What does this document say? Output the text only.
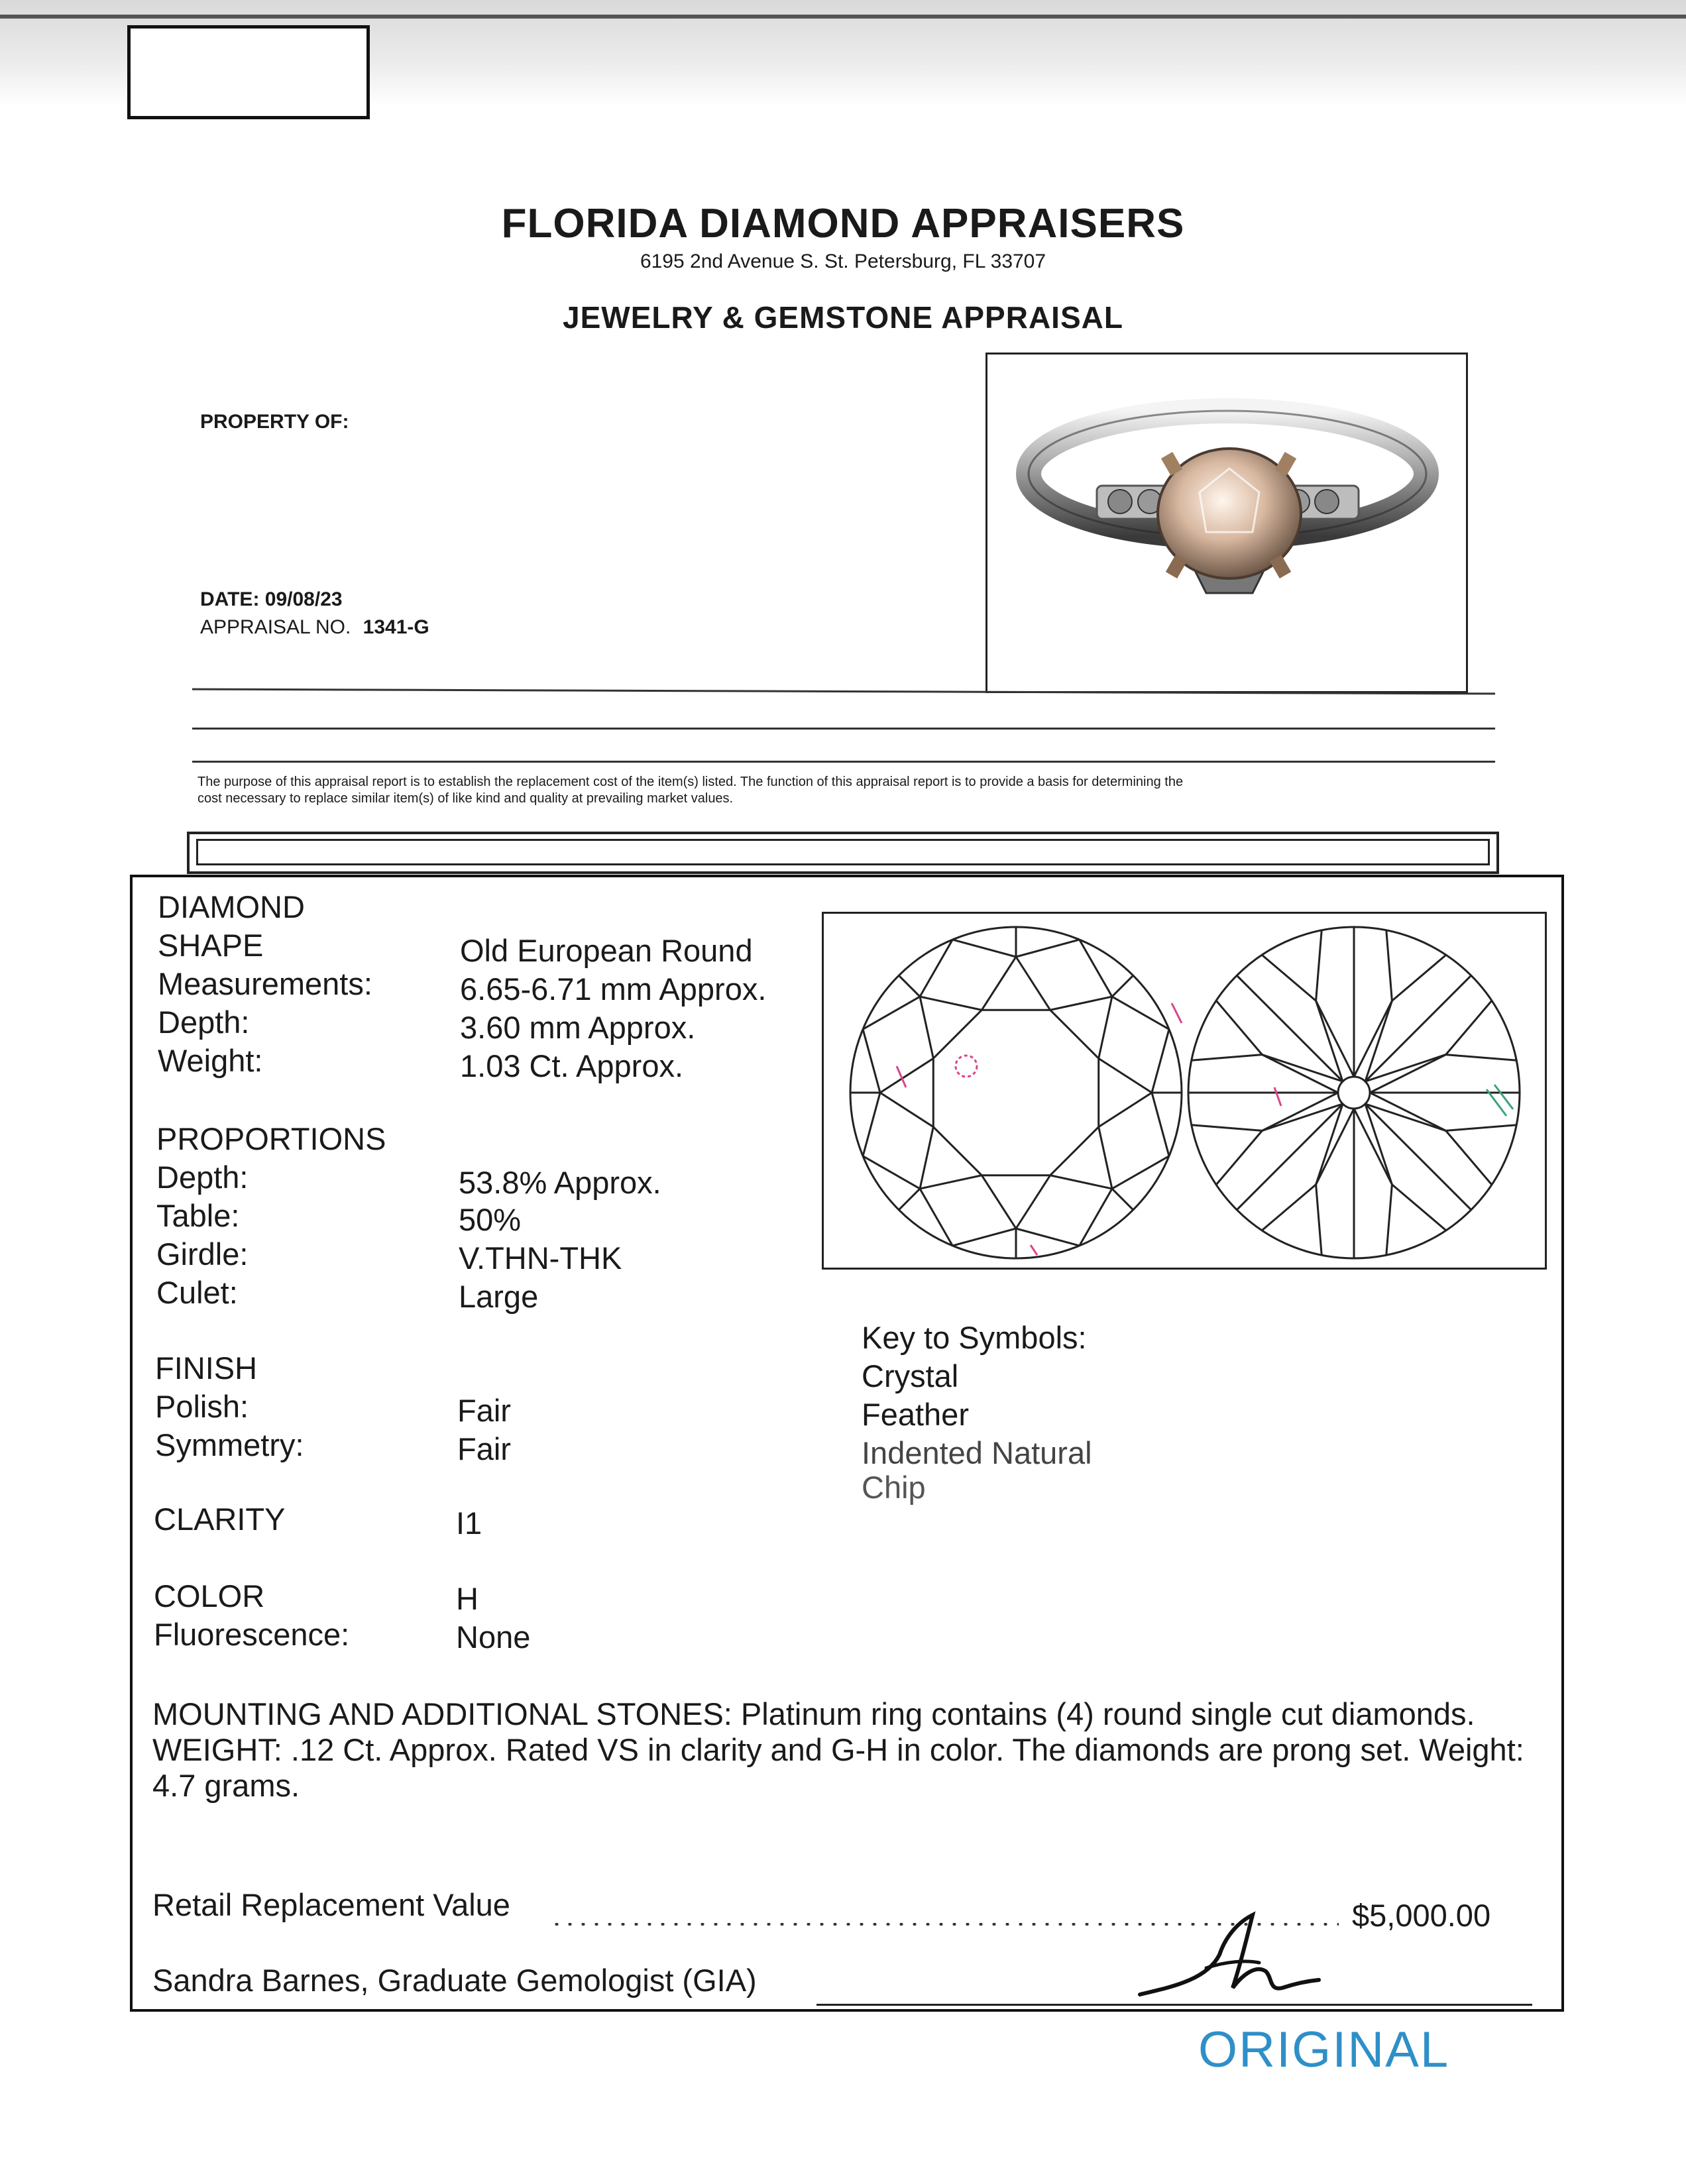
FLORIDA DIAMOND APPRAISERS
6195 2nd Avenue S. St. Petersburg, FL 33707
JEWELRY & GEMSTONE APPRAISAL
PROPERTY OF:
DATE: 09/08/23
APPRAISAL NO. 1341-G
The purpose of this appraisal report is to establish the replacement cost of the item(s) listed. The function of this appraisal report is to provide a basis for determining the
cost necessary to replace similar item(s) of like kind and quality at prevailing market values.
DIAMOND
SHAPE	Old European Round
Measurements:	6.65-6.71 mm Approx.
Depth:	3.60 mm Approx.
Weight:	1.03 Ct. Approx.
PROPORTIONS
Depth:	53.8% Approx.
Table:	50%
Girdle:	V.THN-THK
Culet:	Large
FINISH
Polish:	Fair
Symmetry:	Fair
CLARITY	I1
COLOR	H
Fluorescence:	None
Key to Symbols:
Crystal
Feather
Indented Natural
Chip
MOUNTING AND ADDITIONAL STONES: Platinum ring contains (4) round single cut diamonds. WEIGHT: .12 Ct. Approx. Rated VS in clarity and G-H in color. The diamonds are prong set. Weight: 4.7 grams.
Retail Replacement Value	$5,000.00
Sandra Barnes, Graduate Gemologist (GIA)
ORIGINAL
